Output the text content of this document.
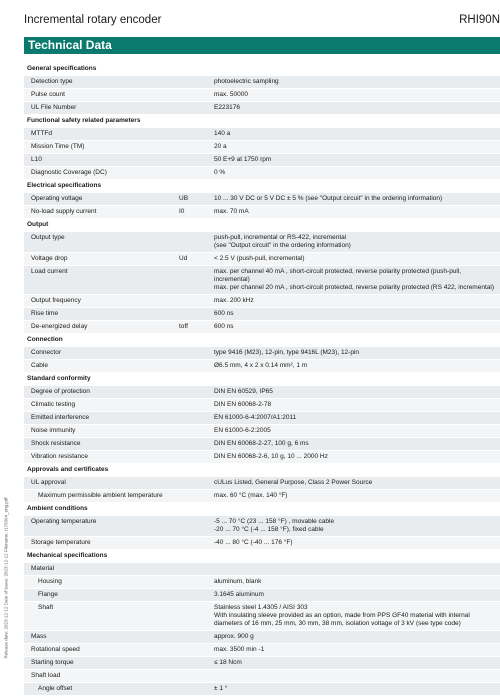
Incremental rotary encoder	RHI90N
Technical Data
General specifications
Detection type	photoelectric sampling
Pulse count	max. 50000
UL File Number	E223176
Functional safety related parameters
MTTFd	140 a
Mission Time (TM)	20 a
L10	50 E+9 at 1750 rpm
Diagnostic Coverage (DC)	0 %
Electrical specifications
Operating voltage	UB	10 ... 30 V DC or 5 V DC ± 5 % (see "Output circuit" in the ordering information)
No-load supply current	I0	max. 70 mA
Output
Output type	push-pull, incremental or RS-422, incremental
(see "Output circuit" in the ordering information)
Voltage drop	Ud	< 2.5 V (push-pull, incremental)
Load current	max. per channel 40 mA , short-circuit protected, reverse polarity protected (push-pull, incremental)
max. per channel 20 mA , short-circuit protected, reverse polarity protected (RS 422, incremental)
Output frequency	max. 200 kHz
Rise time	600 ns
De-energized delay	toff	600 ns
Connection
Connector	type 9416 (M23), 12-pin, type 9416L (M23), 12-pin
Cable	Ø6.5 mm, 4 x 2 x 0.14 mm², 1 m
Standard conformity
Degree of protection	DIN EN 60529, IP65
Climatic testing	DIN EN 60068-2-78
Emitted interference	EN 61000-6-4:2007/A1:2011
Noise immunity	EN 61000-6-2:2005
Shock resistance	DIN EN 60068-2-27, 100 g, 6 ms
Vibration resistance	DIN EN 60068-2-6, 10 g, 10 ... 2000 Hz
Approvals and certificates
UL approval	cULus Listed, General Purpose, Class 2 Power Source
Maximum permissible ambient temperature	max. 60 °C (max. 140 °F)
Ambient conditions
Operating temperature	-5 ... 70 °C (23 ... 158 °F) , movable cable
-20 ... 70 °C (-4 ... 158 °F), fixed cable
Storage temperature	-40 ... 80 °C (-40 ... 176 °F)
Mechanical specifications
Material
Housing	aluminum, blank
Flange	3.1645 aluminum
Shaft	Stainless steel 1.4305 / AISI 303
With insulating sleeve provided as an option, made from PPS GF40 material with internal diameters of 16 mm, 25 mm, 30 mm, 38 mm, isolation voltage of 3 kV (see type code)
Mass	approx. 900 g
Rotational speed	max. 3500 min -1
Starting torque	≤ 18 Ncm
Shaft load
Angle offset	± 1 °
Release date: 2023-12-12 Date of issue: 2023-12-12 Filename: t179364_eng.pdf
